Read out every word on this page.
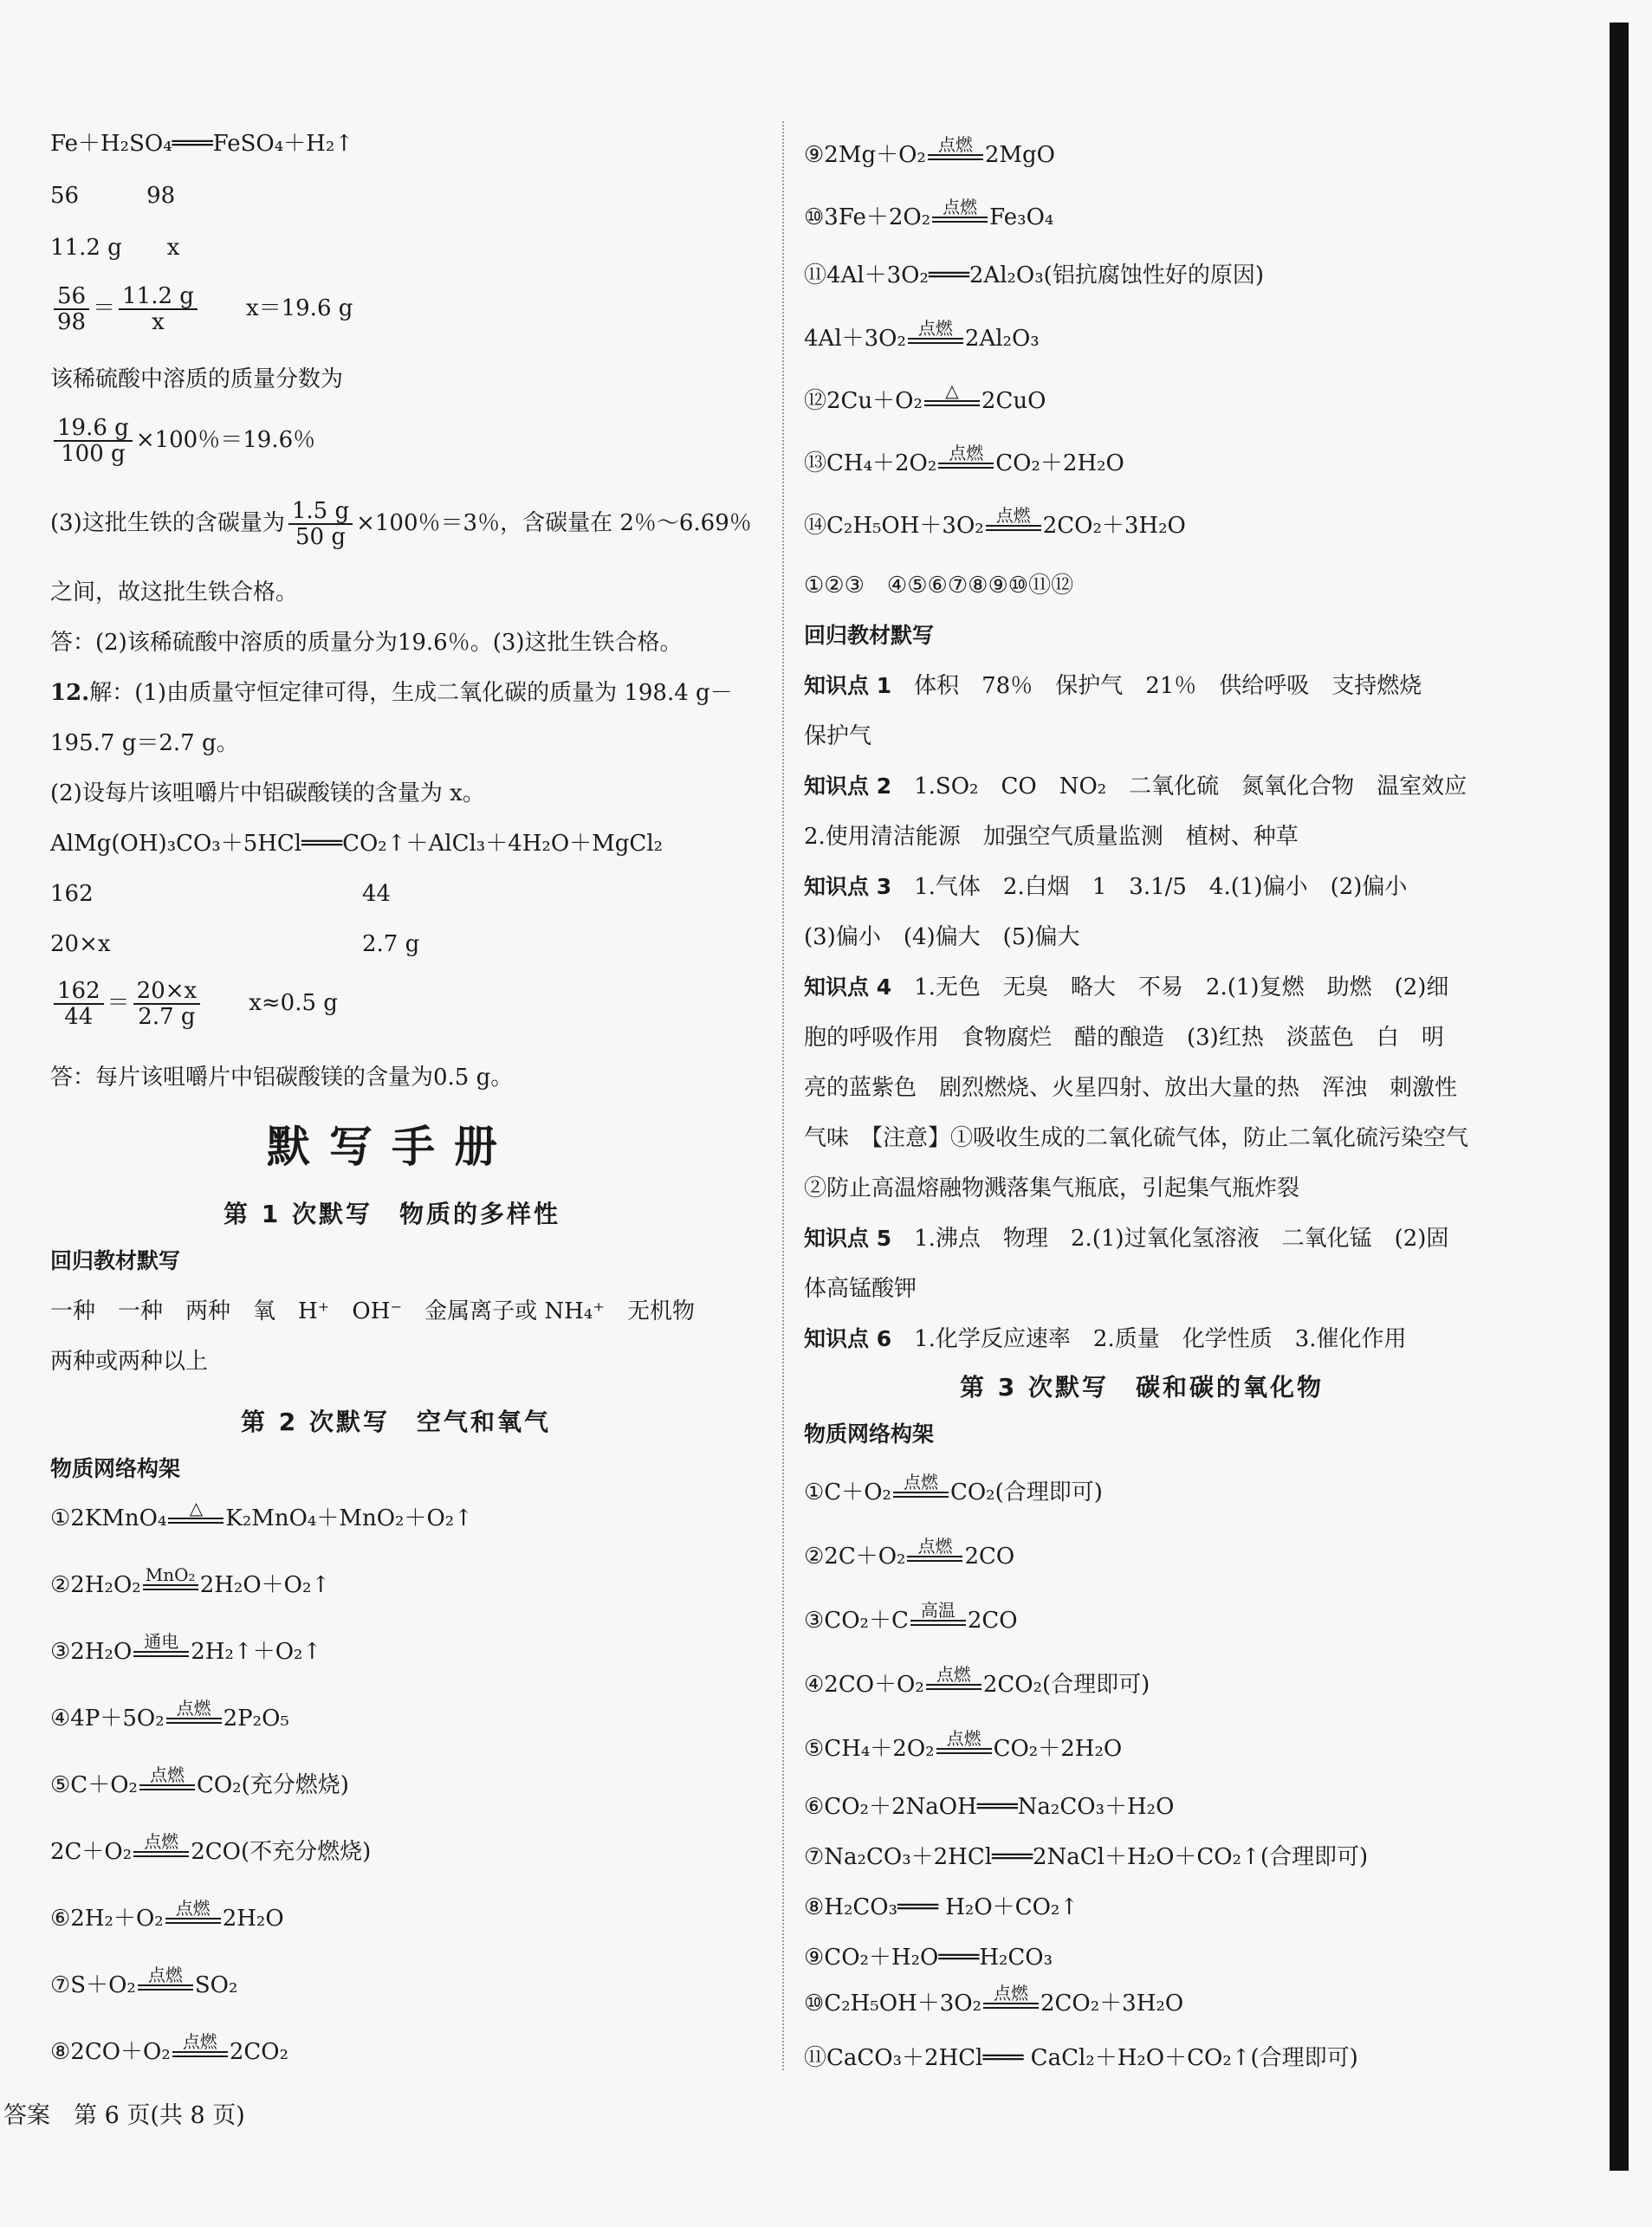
Fe＋H₂SO₄═══FeSO₄＋H₂↑
56　　　98
11.2 g　　x
$\frac{56}{98} = \frac{11.2 g}{x}$
　　 x＝19.6 g
该稀硫酸中溶质的质量分数为
$\frac{19.6 g}{100 g} \times 100$％＝19.6％
(3)这批生铁的含碳量为 $\frac{1.5 g}{50 g} \times 100$％＝3％，含碳量在 2％～6.69％
之间，故这批生铁合格。
答：(2)该稀硫酸中溶质的质量分为19.6％。(3)这批生铁合格。
12.解：(1)由质量守恒定律可得，生成二氧化碳的质量为 198.4 g－
195.7 g＝2.7 g。
(2)设每片该咀嚼片中铝碳酸镁的含量为 x。
AlMg(OH)₃CO₃＋5HCl═══CO₂↑＋AlCl₃＋4H₂O＋MgCl₂
162	44
20×x	2.7 g
$\frac{162}{44} = \frac{20\times x}{2.7 g}$
　　 x≈0.5 g
答：每片该咀嚼片中铝碳酸镁的含量为0.5 g。
默写手册
第 1 次默写　物质的多样性
回归教材默写
一种　一种　两种　氧　H⁺　OH⁻　金属离子或 NH₄⁺　无机物
两种或两种以上
第 2 次默写　空气和氧气
物质网络构架
①2KMnO₄ △ K₂MnO₄＋MnO₂＋O₂↑
②2H₂O₂ MnO₂ 2H₂O＋O₂↑
③2H₂O 通电 2H₂↑＋O₂↑
④4P＋5O₂ 点燃 2P₂O₅
⑤C＋O₂ 点燃 CO₂(充分燃烧)
2C＋O₂ 点燃 2CO(不充分燃烧)
⑥2H₂＋O₂ 点燃 2H₂O
⑦S＋O₂ 点燃 SO₂
⑧2CO＋O₂ 点燃 2CO₂
⑨2Mg＋O₂ 点燃 2MgO
⑩3Fe＋2O₂ 点燃 Fe₃O₄
⑪4Al＋3O₂═══2Al₂O₃(铝抗腐蚀性好的原因)
4Al＋3O₂ 点燃 2Al₂O₃
⑫2Cu＋O₂ △ 2CuO
⑬CH₄＋2O₂ 点燃 CO₂＋2H₂O
⑭C₂H₅OH＋3O₂ 点燃 2CO₂＋3H₂O
①②③　④⑤⑥⑦⑧⑨⑩⑪⑫
回归教材默写
知识点 1　 体积　78％　保护气　21％　供给呼吸　支持燃烧
保护气
知识点 2　 1.SO₂　CO　NO₂　二氧化硫　氮氧化合物　温室效应
2.使用清洁能源　加强空气质量监测　植树、种草
知识点 3　 1.气体　2.白烟　1　3.1/5　4.(1)偏小　(2)偏小
(3)偏小　(4)偏大　(5)偏大
知识点 4　 1.无色　无臭　略大　不易　2.(1)复燃　助燃　(2)细
胞的呼吸作用　食物腐烂　醋的酿造　(3)红热　淡蓝色　白　明
亮的蓝紫色　剧烈燃烧、火星四射、放出大量的热　浑浊　刺激性
气味　【注意】①吸收生成的二氧化硫气体，防止二氧化硫污染空气
②防止高温熔融物溅落集气瓶底，引起集气瓶炸裂
知识点 5　 1.沸点　物理　2.(1)过氧化氢溶液　二氧化锰　(2)固
体高锰酸钾
知识点 6　 1.化学反应速率　2.质量　化学性质　3.催化作用
第 3 次默写　碳和碳的氧化物
物质网络构架
①C＋O₂ 点燃 CO₂(合理即可)
②2C＋O₂ 点燃 2CO
③CO₂＋C 高温 2CO
④2CO＋O₂ 点燃 2CO₂(合理即可)
⑤CH₄＋2O₂ 点燃 CO₂＋2H₂O
⑥CO₂＋2NaOH═══Na₂CO₃＋H₂O
⑦Na₂CO₃＋2HCl═══2NaCl＋H₂O＋CO₂↑(合理即可)
⑧H₂CO₃═══ H₂O＋CO₂↑
⑨CO₂＋H₂O═══H₂CO₃
⑩C₂H₅OH＋3O₂ 点燃 2CO₂＋3H₂O
⑪CaCO₃＋2HCl═══ CaCl₂＋H₂O＋CO₂↑(合理即可)
答案　第 6 页(共 8 页)
